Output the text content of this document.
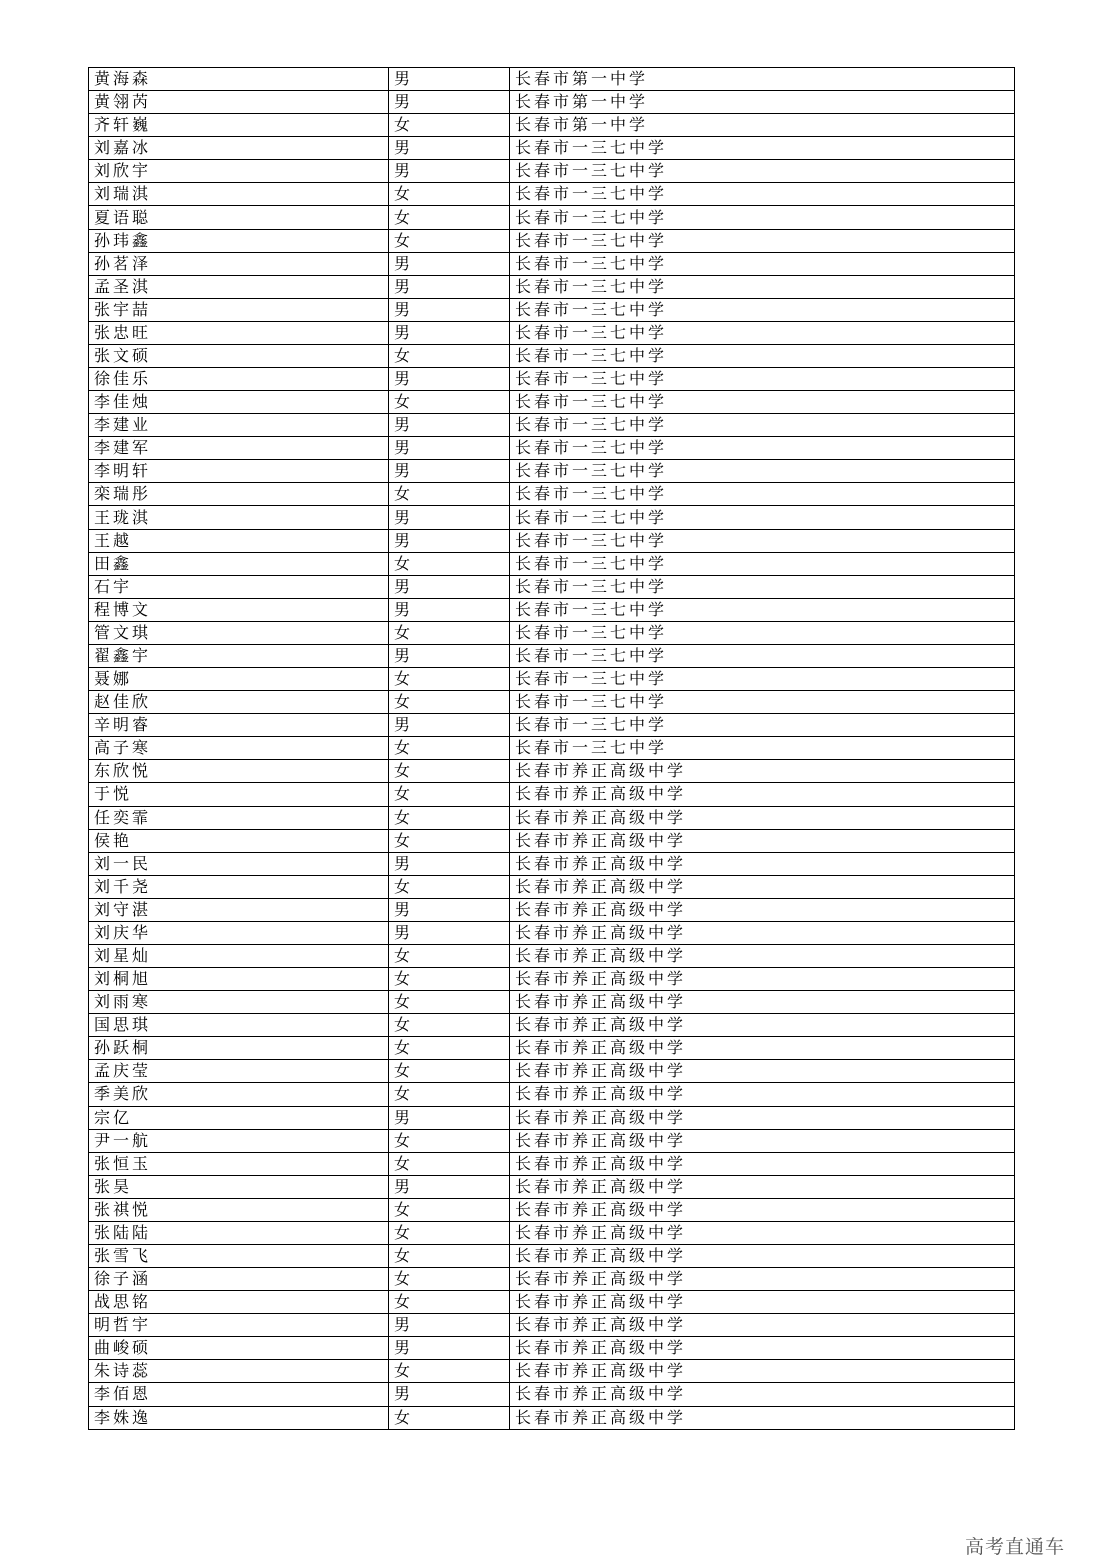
黄海森	男	长春市第一中学
黄翎芮	男	长春市第一中学
齐轩巍	女	长春市第一中学
刘嘉冰	男	长春市一三七中学
刘欣宇	男	长春市一三七中学
刘瑞淇	女	长春市一三七中学
夏语聪	女	长春市一三七中学
孙玮鑫	女	长春市一三七中学
孙茗泽	男	长春市一三七中学
孟圣淇	男	长春市一三七中学
张宇喆	男	长春市一三七中学
张忠旺	男	长春市一三七中学
张文硕	女	长春市一三七中学
徐佳乐	男	长春市一三七中学
李佳烛	女	长春市一三七中学
李建业	男	长春市一三七中学
李建军	男	长春市一三七中学
李明轩	男	长春市一三七中学
栾瑞彤	女	长春市一三七中学
王珑淇	男	长春市一三七中学
王越	男	长春市一三七中学
田鑫	女	长春市一三七中学
石宇	男	长春市一三七中学
程博文	男	长春市一三七中学
管文琪	女	长春市一三七中学
翟鑫宇	男	长春市一三七中学
聂娜	女	长春市一三七中学
赵佳欣	女	长春市一三七中学
辛明睿	男	长春市一三七中学
高子寒	女	长春市一三七中学
东欣悦	女	长春市养正高级中学
于悦	女	长春市养正高级中学
任奕霏	女	长春市养正高级中学
侯艳	女	长春市养正高级中学
刘一民	男	长春市养正高级中学
刘千尧	女	长春市养正高级中学
刘守湛	男	长春市养正高级中学
刘庆华	男	长春市养正高级中学
刘星灿	女	长春市养正高级中学
刘桐旭	女	长春市养正高级中学
刘雨寒	女	长春市养正高级中学
国思琪	女	长春市养正高级中学
孙跃桐	女	长春市养正高级中学
孟庆莹	女	长春市养正高级中学
季美欣	女	长春市养正高级中学
宗亿	男	长春市养正高级中学
尹一航	女	长春市养正高级中学
张恒玉	女	长春市养正高级中学
张昊	男	长春市养正高级中学
张祺悦	女	长春市养正高级中学
张陆陆	女	长春市养正高级中学
张雪飞	女	长春市养正高级中学
徐子涵	女	长春市养正高级中学
战思铭	女	长春市养正高级中学
明哲宇	男	长春市养正高级中学
曲峻硕	男	长春市养正高级中学
朱诗蕊	女	长春市养正高级中学
李佰恩	男	长春市养正高级中学
李姝逸	女	长春市养正高级中学
高考直通车
